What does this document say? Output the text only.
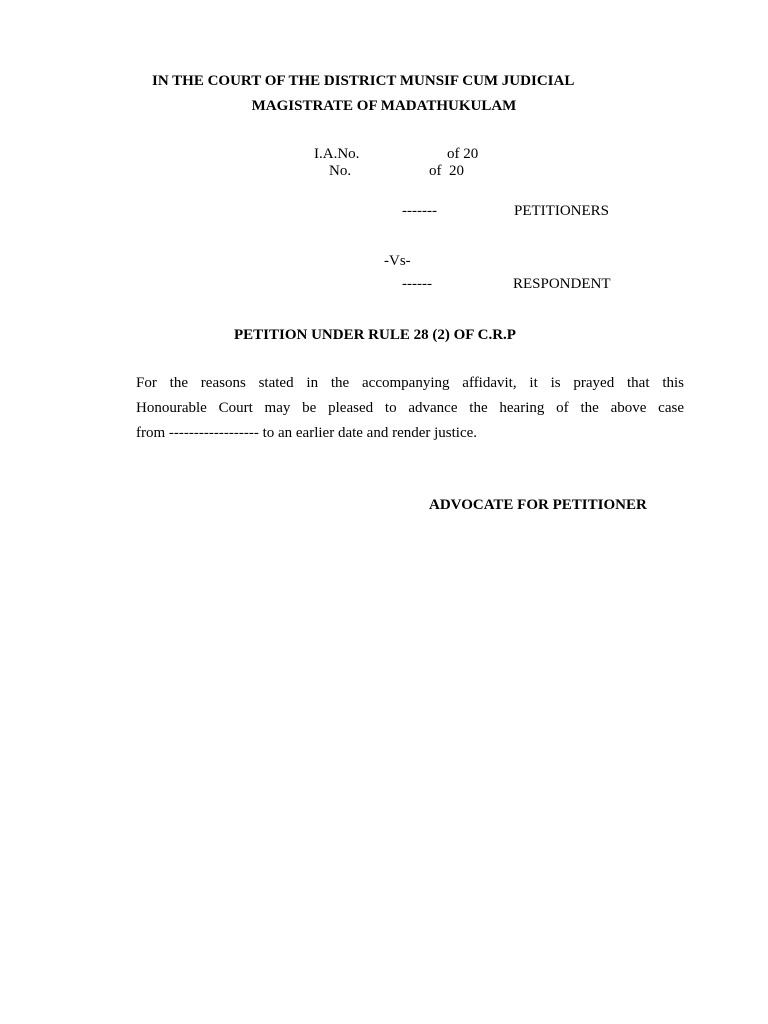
IN THE COURT OF THE DISTRICT MUNSIF CUM JUDICIAL
MAGISTRATE OF MADATHUKULAM
I.A.No.	of 20
No.	of  20
-------	PETITIONERS
-Vs-
------	RESPONDENT
PETITION UNDER RULE 28 (2) OF C.R.P
For the reasons stated in the accompanying affidavit, it is prayed that this
Honourable Court may be pleased to advance the hearing of the above case
from ------------------ to an earlier date and render justice.
ADVOCATE FOR PETITIONER
